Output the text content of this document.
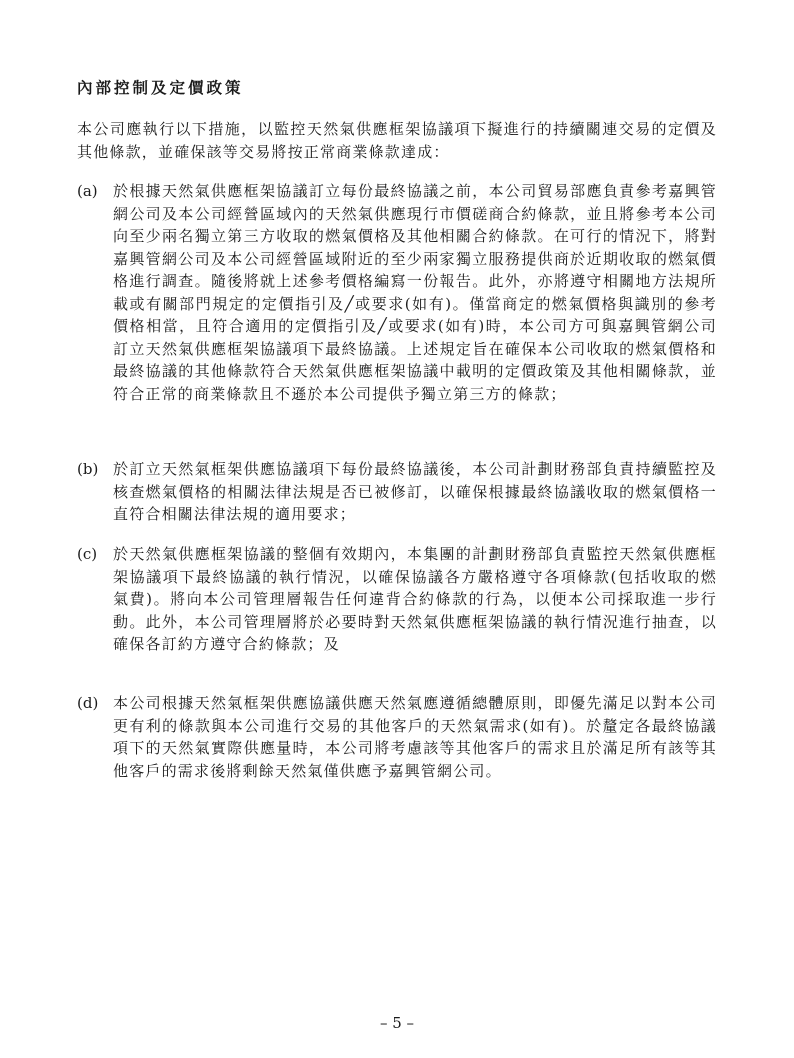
內部控制及定價政策
本公司應執行以下措施，以監控天然氣供應框架協議項下擬進行的持續關連交易的定價及其他條款，並確保該等交易將按正常商業條款達成：
(a) 於根據天然氣供應框架協議訂立每份最終協議之前，本公司貿易部應負責參考嘉興管網公司及本公司經營區域內的天然氣供應現行市價磋商合約條款，並且將參考本公司向至少兩名獨立第三方收取的燃氣價格及其他相關合約條款。在可行的情況下，將對嘉興管網公司及本公司經營區域附近的至少兩家獨立服務提供商於近期收取的燃氣價格進行調查。隨後將就上述參考價格編寫一份報告。此外，亦將遵守相關地方法規所載或有關部門規定的定價指引及╱或要求(如有)。僅當商定的燃氣價格與識別的參考價格相當，且符合適用的定價指引及╱或要求(如有)時，本公司方可與嘉興管網公司訂立天然氣供應框架協議項下最終協議。上述規定旨在確保本公司收取的燃氣價格和最終協議的其他條款符合天然氣供應框架協議中載明的定價政策及其他相關條款，並符合正常的商業條款且不遜於本公司提供予獨立第三方的條款；
(b) 於訂立天然氣框架供應協議項下每份最終協議後，本公司計劃財務部負責持續監控及核查燃氣價格的相關法律法規是否已被修訂，以確保根據最終協議收取的燃氣價格一直符合相關法律法規的適用要求；
(c) 於天然氣供應框架協議的整個有效期內，本集團的計劃財務部負責監控天然氣供應框架協議項下最終協議的執行情況，以確保協議各方嚴格遵守各項條款(包括收取的燃氣費)。將向本公司管理層報告任何違背合約條款的行為，以便本公司採取進一步行動。此外，本公司管理層將於必要時對天然氣供應框架協議的執行情況進行抽查，以確保各訂約方遵守合約條款；及
(d) 本公司根據天然氣框架供應協議供應天然氣應遵循總體原則，即優先滿足以對本公司更有利的條款與本公司進行交易的其他客戶的天然氣需求(如有)。於釐定各最終協議項下的天然氣實際供應量時，本公司將考慮該等其他客戶的需求且於滿足所有該等其他客戶的需求後將剩餘天然氣僅供應予嘉興管網公司。
– 5 –
